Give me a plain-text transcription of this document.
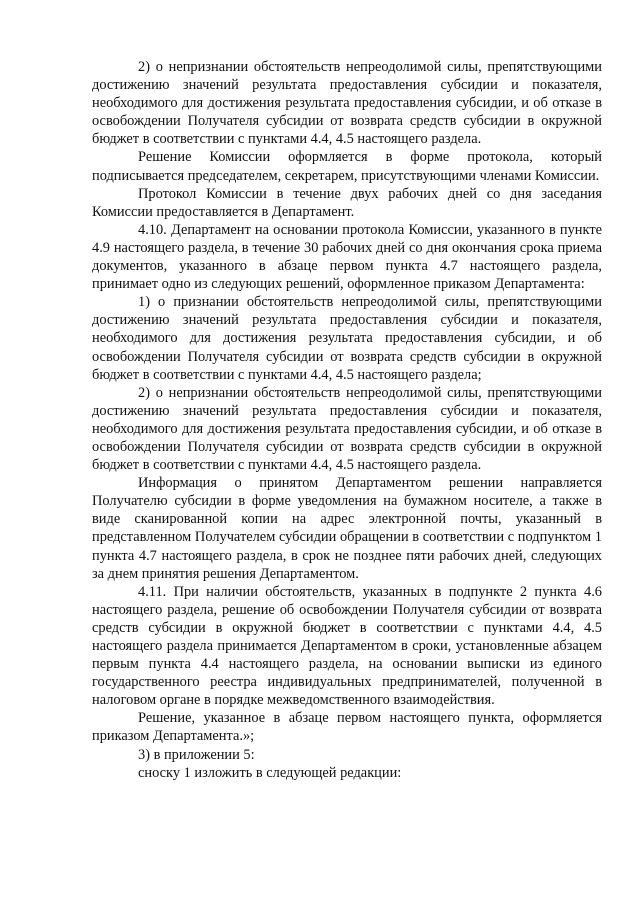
2) о непризнании обстоятельств непреодолимой силы, препятствующими достижению значений результата предоставления субсидии и показателя, необходимого для достижения результата предоставления субсидии, и об отказе в освобождении Получателя субсидии от возврата средств субсидии в окружной бюджет в соответствии с пунктами 4.4, 4.5 настоящего раздела.

Решение Комиссии оформляется в форме протокола, который подписывается председателем, секретарем, присутствующими членами Комиссии.

Протокол Комиссии в течение двух рабочих дней со дня заседания Комиссии предоставляется в Департамент.

4.10. Департамент на основании протокола Комиссии, указанного в пункте 4.9 настоящего раздела, в течение 30 рабочих дней со дня окончания срока приема документов, указанного в абзаце первом пункта 4.7 настоящего раздела, принимает одно из следующих решений, оформленное приказом Департамента:

1) о признании обстоятельств непреодолимой силы, препятствующими достижению значений результата предоставления субсидии и показателя, необходимого для достижения результата предоставления субсидии, и об освобождении Получателя субсидии от возврата средств субсидии в окружной бюджет в соответствии с пунктами 4.4, 4.5 настоящего раздела;

2) о непризнании обстоятельств непреодолимой силы, препятствующими достижению значений результата предоставления субсидии и показателя, необходимого для достижения результата предоставления субсидии, и об отказе в освобождении Получателя субсидии от возврата средств субсидии в окружной бюджет в соответствии с пунктами 4.4, 4.5 настоящего раздела.

Информация о принятом Департаментом решении направляется Получателю субсидии в форме уведомления на бумажном носителе, а также в виде сканированной копии на адрес электронной почты, указанный в представленном Получателем субсидии обращении в соответствии с подпунктом 1 пункта 4.7 настоящего раздела, в срок не позднее пяти рабочих дней, следующих за днем принятия решения Департаментом.

4.11. При наличии обстоятельств, указанных в подпункте 2 пункта 4.6 настоящего раздела, решение об освобождении Получателя субсидии от возврата средств субсидии в окружной бюджет в соответствии с пунктами 4.4, 4.5 настоящего раздела принимается Департаментом в сроки, установленные абзацем первым пункта 4.4 настоящего раздела, на основании выписки из единого государственного реестра индивидуальных предпринимателей, полученной в налоговом органе в порядке межведомственного взаимодействия.

Решение, указанное в абзаце первом настоящего пункта, оформляется приказом Департамента.»;

3) в приложении 5:

сноску 1 изложить в следующей редакции:
